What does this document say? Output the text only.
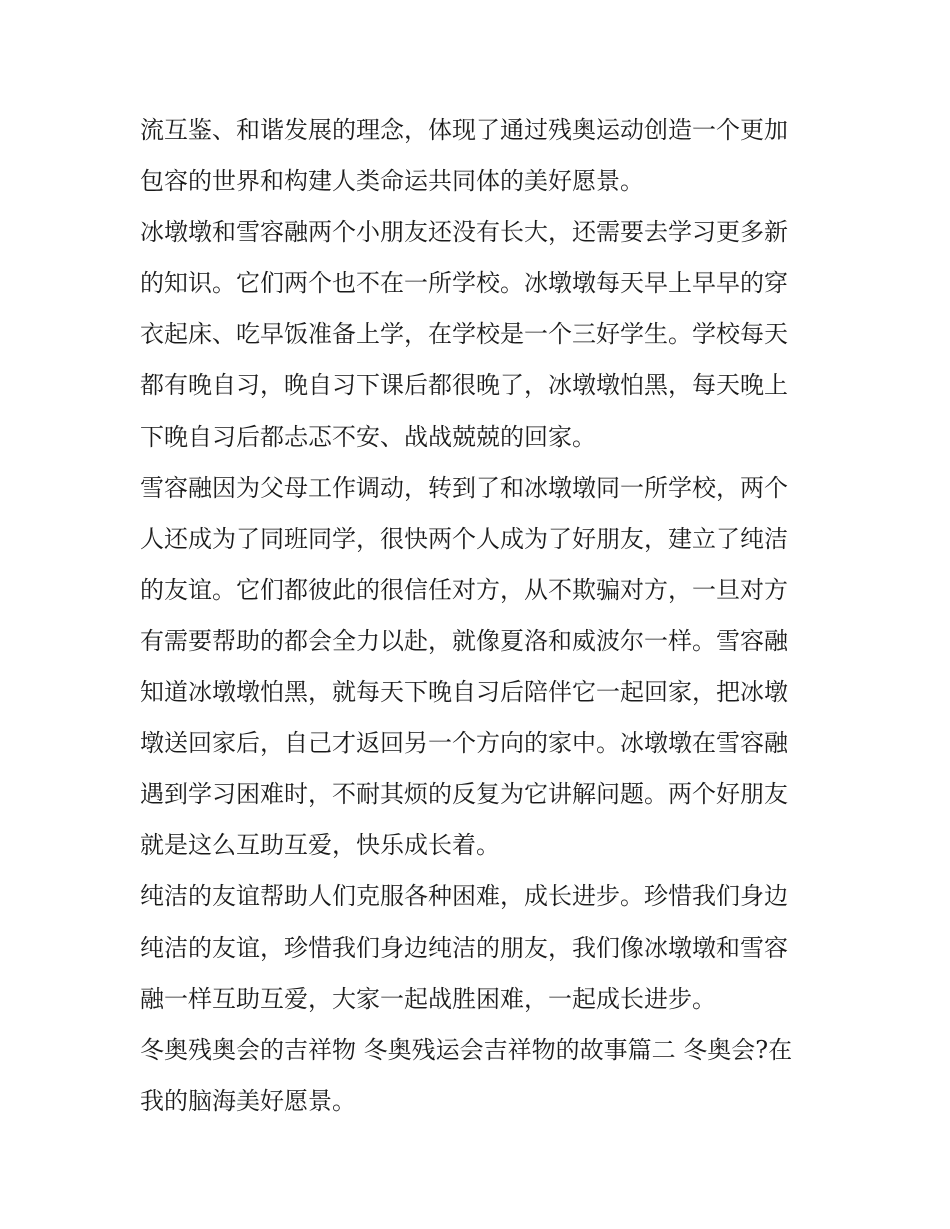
流互鉴、和谐发展的理念，体现了通过残奥运动创造一个更加
包容的世界和构建人类命运共同体的美好愿景。
冰墩墩和雪容融两个小朋友还没有长大，还需要去学习更多新
的知识。它们两个也不在一所学校。冰墩墩每天早上早早的穿
衣起床、吃早饭准备上学，在学校是一个三好学生。学校每天
都有晚自习，晚自习下课后都很晚了，冰墩墩怕黑，每天晚上
下晚自习后都忐忑不安、战战兢兢的回家。
雪容融因为父母工作调动，转到了和冰墩墩同一所学校，两个
人还成为了同班同学，很快两个人成为了好朋友，建立了纯洁
的友谊。它们都彼此的很信任对方，从不欺骗对方，一旦对方
有需要帮助的都会全力以赴，就像夏洛和威波尔一样。雪容融
知道冰墩墩怕黑，就每天下晚自习后陪伴它一起回家，把冰墩
墩送回家后，自己才返回另一个方向的家中。冰墩墩在雪容融
遇到学习困难时，不耐其烦的反复为它讲解问题。两个好朋友
就是这么互助互爱，快乐成长着。
纯洁的友谊帮助人们克服各种困难，成长进步。珍惜我们身边
纯洁的友谊，珍惜我们身边纯洁的朋友，我们像冰墩墩和雪容
融一样互助互爱，大家一起战胜困难，一起成长进步。
冬奥残奥会的吉祥物 冬奥残运会吉祥物的故事篇二 冬奥会?在
我的脑海美好愿景。
